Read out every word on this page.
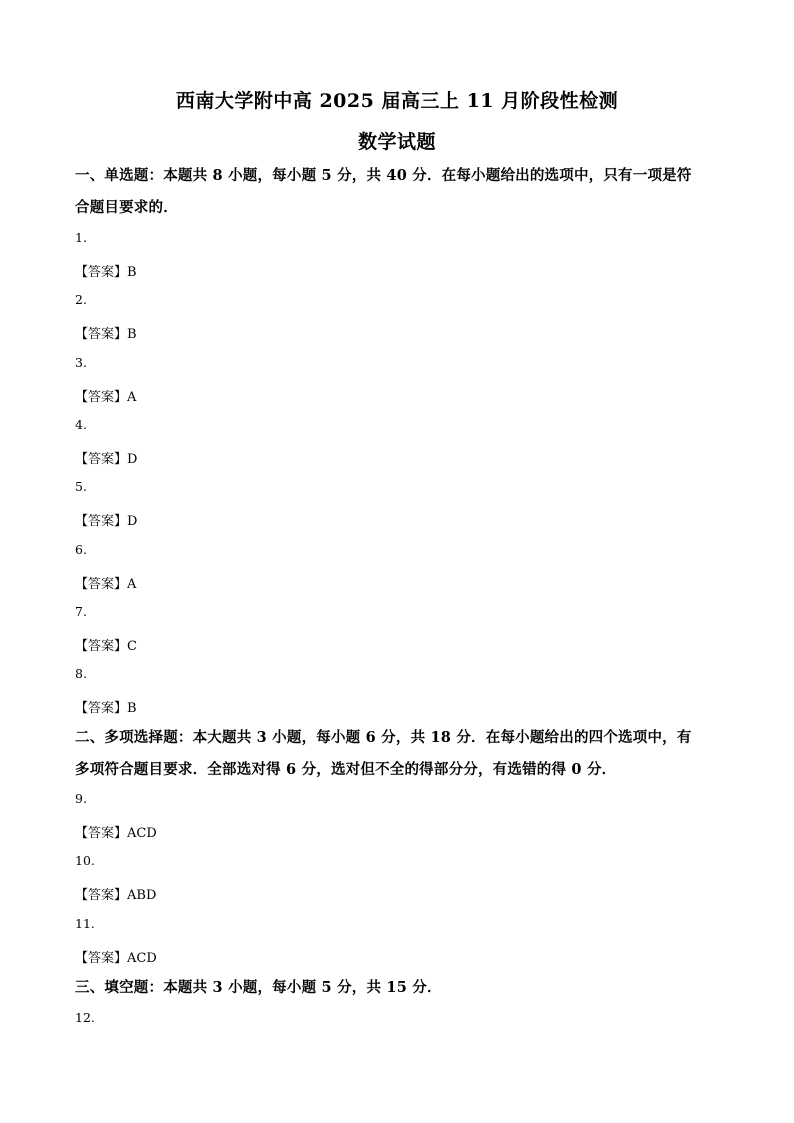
西南大学附中高 2025 届高三上 11 月阶段性检测
数学试题
一、单选题：本题共 8 小题，每小题 5 分，共 40 分．在每小题给出的选项中，只有一项是符
合题目要求的．
1.
【答案】B
2.
【答案】B
3.
【答案】A
4.
【答案】D
5.
【答案】D
6.
【答案】A
7.
【答案】C
8.
【答案】B
二、多项选择题：本大题共 3 小题，每小题 6 分，共 18 分．在每小题给出的四个选项中，有
多项符合题目要求．全部选对得 6 分，选对但不全的得部分分，有选错的得 0 分．
9.
【答案】ACD
10.
【答案】ABD
11.
【答案】ACD
三、填空题：本题共 3 小题，每小题 5 分，共 15 分．
12.
